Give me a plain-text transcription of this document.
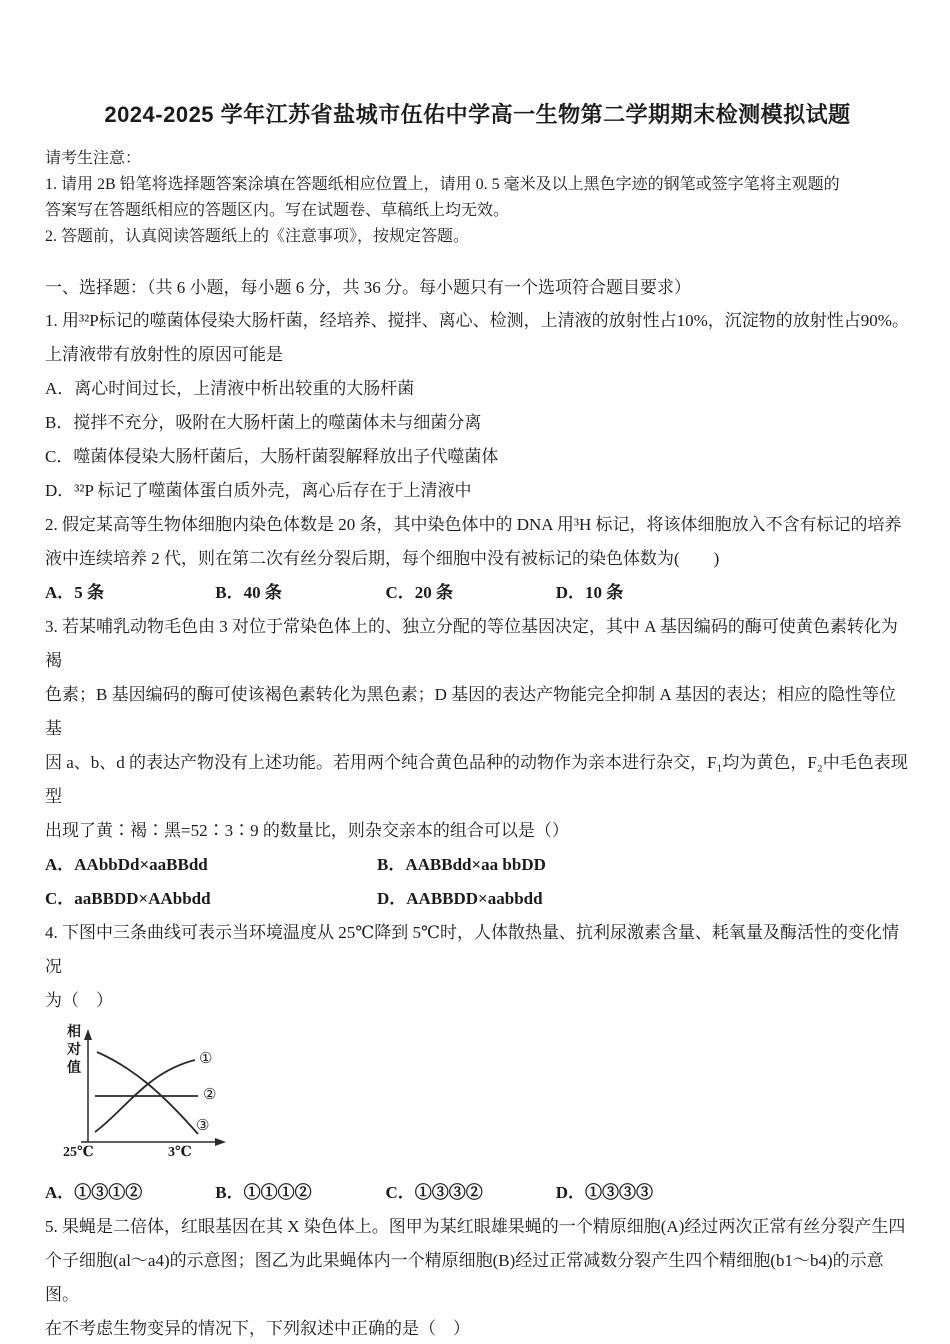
2024-2025 学年江苏省盐城市伍佑中学高一生物第二学期期末检测模拟试题
请考生注意：
1. 请用 2B 铅笔将选择题答案涂填在答题纸相应位置上，请用 0. 5 毫米及以上黑色字迹的钢笔或签字笔将主观题的
答案写在答题纸相应的答题区内。写在试题卷、草稿纸上均无效。
2. 答题前，认真阅读答题纸上的《注意事项》，按规定答题。
一、选择题：（共 6 小题，每小题 6 分，共 36 分。每小题只有一个选项符合题目要求）
1. 用³²P标记的噬菌体侵染大肠杆菌，经培养、搅拌、离心、检测，上清液的放射性占10%，沉淀物的放射性占90%。
上清液带有放射性的原因可能是
A．离心时间过长，上清液中析出较重的大肠杆菌
B．搅拌不充分，吸附在大肠杆菌上的噬菌体未与细菌分离
C．噬菌体侵染大肠杆菌后，大肠杆菌裂解释放出子代噬菌体
D．³²P 标记了噬菌体蛋白质外壳，离心后存在于上清液中
2. 假定某高等生物体细胞内染色体数是 20 条，其中染色体中的 DNA 用³H 标记，将该体细胞放入不含有标记的培养
液中连续培养 2 代，则在第二次有丝分裂后期，每个细胞中没有被标记的染色体数为(　　)
A．5 条	B．40 条	C．20 条	D．10 条
3. 若某哺乳动物毛色由 3 对位于常染色体上的、独立分配的等位基因决定，其中 A 基因编码的酶可使黄色素转化为褐
色素；B 基因编码的酶可使该褐色素转化为黑色素；D 基因的表达产物能完全抑制 A 基因的表达；相应的隐性等位基
因 a、b、d 的表达产物没有上述功能。若用两个纯合黄色品种的动物作为亲本进行杂交，F₁均为黄色，F₂中毛色表现型
出现了黄∶褐∶黑=52∶3∶9 的数量比，则杂交亲本的组合可以是（）
A．AAbbDd×aaBBdd	B．AABBdd×aa bbDD
C．aaBBDD×AAbbdd	D．AABBDD×aabbdd
4. 下图中三条曲线可表示当环境温度从 25℃降到 5℃时，人体散热量、抗利尿激素含量、耗氧量及酶活性的变化情况
为（　）
相对值
25℃	3℃
①
②
③
A．①③①②	B．①①①②	C．①③③②	D．①③③③
5. 果蝇是二倍体，红眼基因在其 X 染色体上。图甲为某红眼雄果蝇的一个精原细胞(A)经过两次正常有丝分裂产生四
个子细胞(al～a4)的示意图；图乙为此果蝇体内一个精原细胞(B)经过正常减数分裂产生四个精细胞(b1～b4)的示意图。
在不考虑生物变异的情况下，下列叙述中正确的是（　）
